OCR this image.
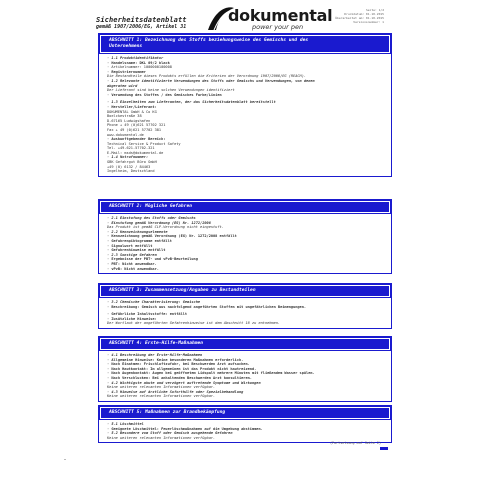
Sicherheitsdatenblatt
gemäß 1907/2006/EG, Artikel 31
dokumental
power your pen
Seite: 1/2
Druckdatum: 01.10.2015
Überarbeitet am: 01.10.2015
Versionsnummer: 1
ABSCHNITT 1: Bezeichnung des Stoffs beziehungsweise des Gemischs und des
Unternehmens
· 1.1 Produktidentifikator
· Handelsname: DKL 09/2 black
· Artikelnummer: 1000000100008
· Registriernummer
Die Bestandteile dieses Produkts erfüllen die Kriterien der Verordnung 1907/2006/EG (REACH).
· 1.2 Relevante identifizierte Verwendungen des Stoffs oder Gemischs und Verwendungen, von denen
abgeraten wird
Der Lieferant sind keine solchen Verwendungen identifiziert
· Verwendung des Stoffes / des Gemisches Farbe/Linien
· 1.3 Einzelheiten zum Lieferanten, der das Sicherheitsdatenblatt bereitstellt
· Hersteller/Lieferant:
DOKUMENTAL GmbH & Co KG
Boelckestraße 38
D-67165 Ludwigshafen
Phone + 49 (0)621 57702 321
Fax + 49 (0)621 57702 381
www.dokumental.de
· Auskunftgebender Bereich:
Technical Service & Product Safety
Tel. +49-621-57702-321
E-Mail: msds@dokumental.de
· 1.4 Notrufnummer:
GBK Gefahrgut Büro GmbH
+49 (0) 6132 / 84463
Ingelheim, Deutschland
ABSCHNITT 2: Mögliche Gefahren
· 2.1 Einstufung des Stoffs oder Gemischs
· Einstufung gemäß Verordnung (EG) Nr. 1272/2008
Das Produkt ist gemäß CLP-Verordnung nicht eingestuft.
· 2.2 Kennzeichnungselemente
· Kennzeichnung gemäß Verordnung (EG) Nr. 1272/2008 entfällt
· Gefahrenpiktogramme entfällt
· Signalwort entfällt
· Gefahrenhinweise entfällt
· 2.3 Sonstige Gefahren
· Ergebnisse der PBT- und vPvB-Beurteilung
· PBT: Nicht anwendbar.
· vPvB: Nicht anwendbar.
ABSCHNITT 3: Zusammensetzung/Angaben zu Bestandteilen
· 3.2 Chemische Charakterisierung: Gemische
· Beschreibung: Gemisch aus nachfolgend angeführten Stoffen mit ungefährlichen Beimengungen.
· Gefährliche Inhaltsstoffe: entfällt
· Zusätzliche Hinweise:
Der Wortlaut der angeführten Gefahrenhinweise ist dem Abschnitt 16 zu entnehmen.
ABSCHNITT 4: Erste-Hilfe-Maßnahmen
· 4.1 Beschreibung der Erste-Hilfe-Maßnahmen
· Allgemeine Hinweise: Keine besonderen Maßnahmen erforderlich.
· Nach Einatmen: Frischluftzufuhr, bei Beschwerden Arzt aufsuchen.
· Nach Hautkontakt: Im allgemeinen ist das Produkt nicht hautreizend.
· Nach Augenkontakt: Augen bei geöffnetem Lidspalt mehrere Minuten mit fließendem Wasser spülen.
· Nach Verschlucken: Bei anhaltenden Beschwerden Arzt konsultieren.
· 4.2 Wichtigste akute und verzögert auftretende Symptome und Wirkungen
Keine weiteren relevanten Informationen verfügbar.
· 4.3 Hinweise auf ärztliche Soforthilfe oder Spezialbehandlung
Keine weiteren relevanten Informationen verfügbar.
ABSCHNITT 5: Maßnahmen zur Brandbekämpfung
· 5.1 Löschmittel
· Geeignete Löschmittel: Feuerlöschmaßnahmen auf die Umgebung abstimmen.
· 5.2 Besondere vom Stoff oder Gemisch ausgehende Gefahren
Keine weiteren relevanten Informationen verfügbar.
(Fortsetzung auf Seite 2)
